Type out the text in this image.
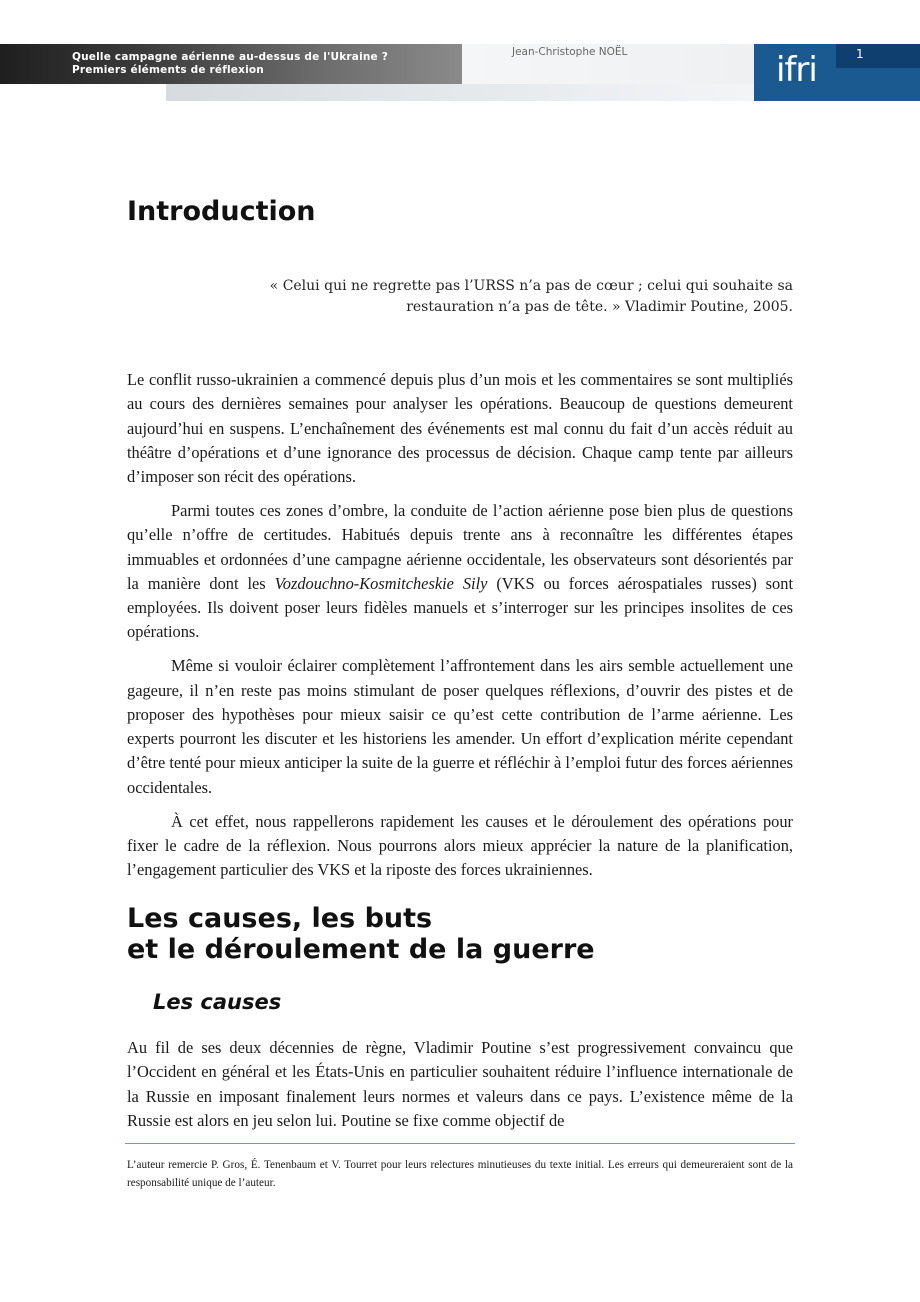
Quelle campagne aérienne au-dessus de l'Ukraine ?
Premiers éléments de réflexion
Jean-Christophe NOËL	ifri	1
Introduction
« Celui qui ne regrette pas l’URSS n’a pas de cœur ; celui qui souhaite sa restauration n’a pas de tête. » Vladimir Poutine, 2005.

Le conflit russo-ukrainien a commencé depuis plus d’un mois et les commentaires se sont multipliés au cours des dernières semaines pour analyser les opérations. Beaucoup de questions demeurent aujourd’hui en suspens. L’enchaînement des événements est mal connu du fait d’un accès réduit au théâtre d’opérations et d’une ignorance des processus de décision. Chaque camp tente par ailleurs d’imposer son récit des opérations.

Parmi toutes ces zones d’ombre, la conduite de l’action aérienne pose bien plus de questions qu’elle n’offre de certitudes. Habitués depuis trente ans à reconnaître les différentes étapes immuables et ordonnées d’une campagne aérienne occidentale, les observateurs sont désorientés par la manière dont les Vozdouchno-Kosmitcheskie Sily (VKS ou forces aérospatiales russes) sont employées. Ils doivent poser leurs fidèles manuels et s’interroger sur les principes insolites de ces opérations.

Même si vouloir éclairer complètement l’affrontement dans les airs semble actuellement une gageure, il n’en reste pas moins stimulant de poser quelques réflexions, d’ouvrir des pistes et de proposer des hypothèses pour mieux saisir ce qu’est cette contribution de l’arme aérienne. Les experts pourront les discuter et les historiens les amender. Un effort d’explication mérite cependant d’être tenté pour mieux anticiper la suite de la guerre et réfléchir à l’emploi futur des forces aériennes occidentales.

À cet effet, nous rappellerons rapidement les causes et le déroulement des opérations pour fixer le cadre de la réflexion. Nous pourrons alors mieux apprécier la nature de la planification, l’engagement particulier des VKS et la riposte des forces ukrainiennes.

Les causes, les buts
et le déroulement de la guerre
Les causes

Au fil de ses deux décennies de règne, Vladimir Poutine s’est progressivement convaincu que l’Occident en général et les États-Unis en particulier souhaitent réduire l’influence internationale de la Russie en imposant finalement leurs normes et valeurs dans ce pays. L’existence même de la Russie est alors en jeu selon lui. Poutine se fixe comme objectif de

L’auteur remercie P. Gros, É. Tenenbaum et V. Tourret pour leurs relectures minutieuses du texte initial. Les erreurs qui demeureraient sont de la responsabilité unique de l’auteur.
